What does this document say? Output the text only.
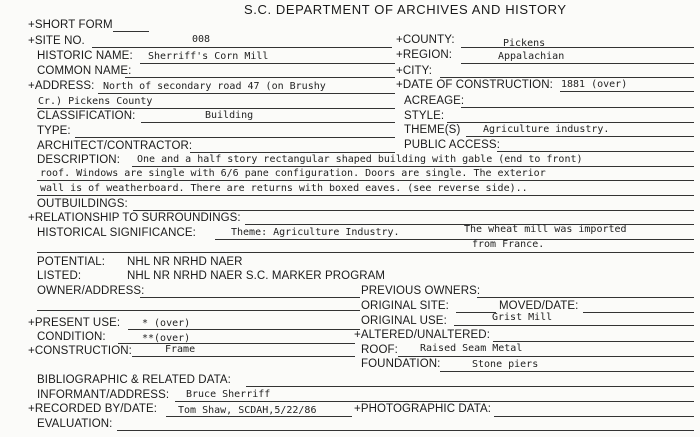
S.C. DEPARTMENT OF ARCHIVES AND HISTORY
+SHORT FORM
+SITE NO.	008
HISTORIC NAME: Sherriff's Corn Mill
COMMON NAME:
+ADDRESS: North of secondary road 47 (on Brushy
Cr.) Pickens County
CLASSIFICATION:	Building
TYPE:
ARCHITECT/CONTRACTOR:
+COUNTY:	Pickens
+REGION:	Appalachian
+CITY:
+DATE OF CONSTRUCTION: 1881 (over)
ACREAGE:
STYLE:
THEME(S) Agriculture industry.
PUBLIC ACCESS:
DESCRIPTION: One and a half story rectangular shaped building with gable (end to front)
roof. Windows are single with 6/6 pane configuration. Doors are single. The exterior
wall is of weatherboard. There are returns with boxed eaves. (see reverse side)..
OUTBUILDINGS:
+RELATIONSHIP TO SURROUNDINGS:
HISTORICAL SIGNIFICANCE:	Theme: Agriculture Industry.	The wheat mill was imported
from France.
POTENTIAL: NHL NR NRHD NAER
LISTED:	NHL NR NRHD NAER S.C. MARKER PROGRAM
OWNER/ADDRESS:	PREVIOUS OWNERS:
ORIGINAL SITE:	MOVED/DATE:
ORIGINAL USE:	Grist Mill
+PRESENT USE: * (over)
CONDITION:	**(over)	+ALTERED/UNALTERED:
+CONSTRUCTION:	Frame	ROOF: Raised Seam Metal
FOUNDATION:	Stone piers
BIBLIOGRAPHIC & RELATED DATA:
INFORMANT/ADDRESS: Bruce Sherriff
+RECORDED BY/DATE: Tom Shaw, SCDAH,5/22/86	+PHOTOGRAPHIC DATA:
EVALUATION:
